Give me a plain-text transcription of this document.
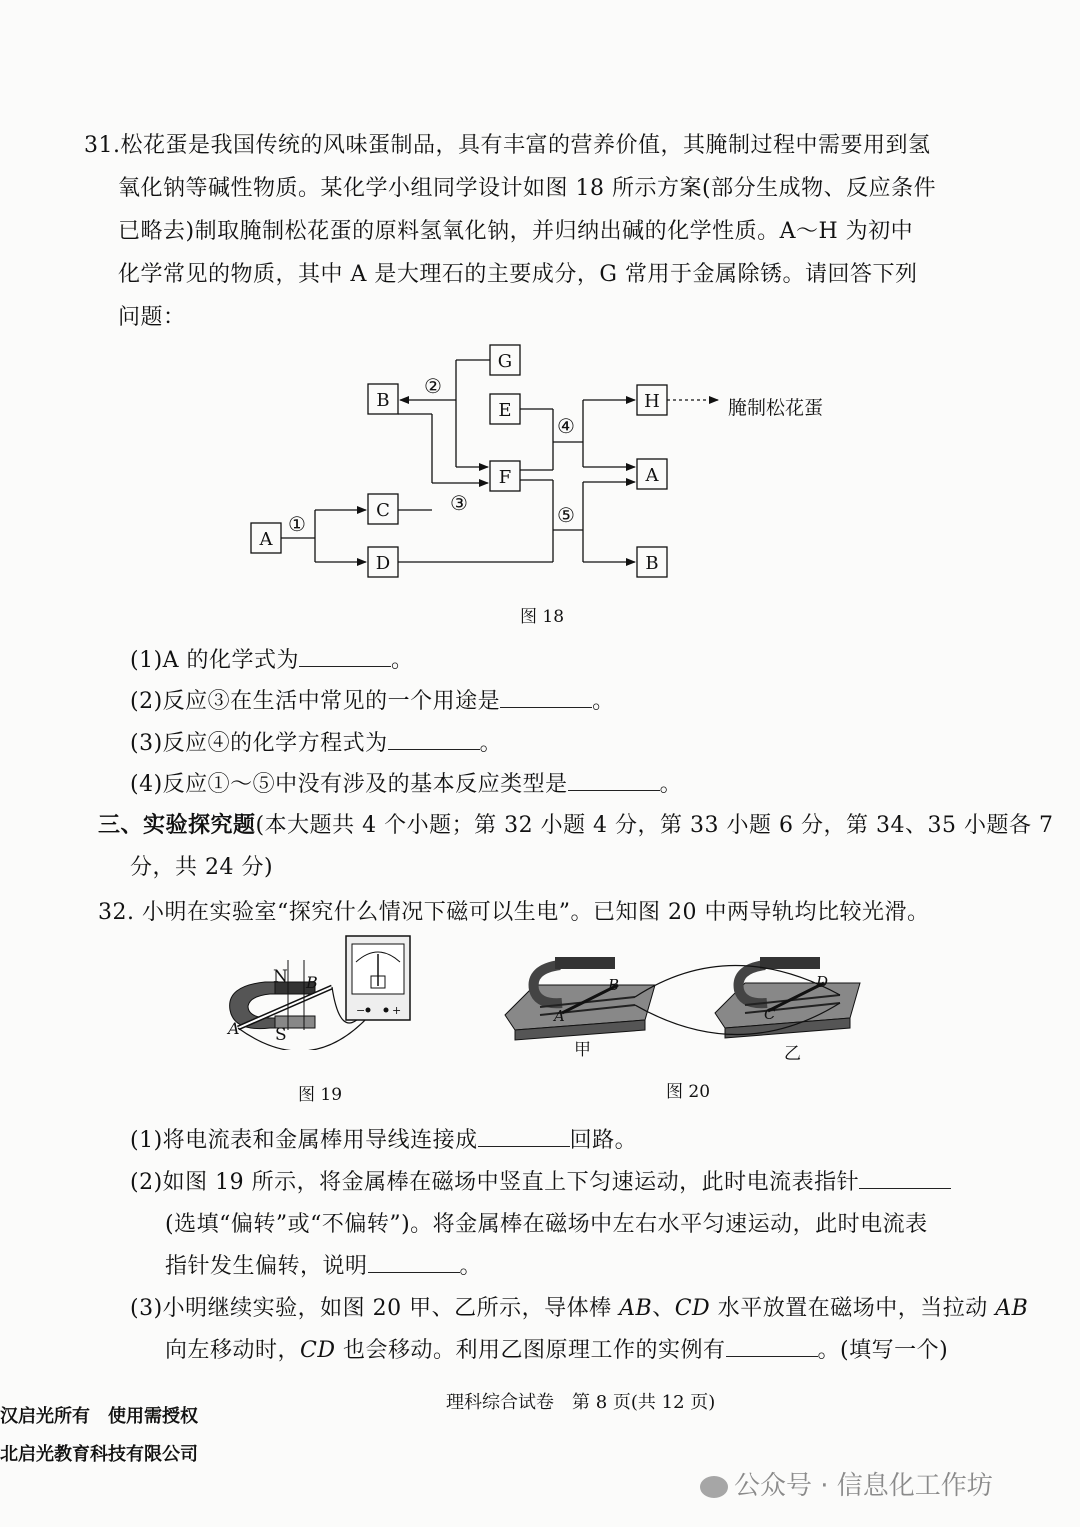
31.松花蛋是我国传统的风味蛋制品，具有丰富的营养价值，其腌制过程中需要用到氢
氧化钠等碱性物质。某化学小组同学设计如图 18 所示方案(部分生成物、反应条件
已略去)制取腌制松花蛋的原料氢氧化钠，并归纳出碱的化学性质。A～H 为初中
化学常见的物质，其中 A 是大理石的主要成分，G 常用于金属除锈。请回答下列
问题：
A
B
C
D
G
E
F
H
A
B
①
②
③
④
⑤
腌制松花蛋
图 18
(1)A 的化学式为	。
(2)反应③在生活中常见的一个用途是	。
(3)反应④的化学方程式为	。
(4)反应①～⑤中没有涉及的基本反应类型是	。
三、实验探究题(本大题共 4 个小题；第 32 小题 4 分，第 33 小题 6 分，第 34、35 小题各 7
分，共 24 分)
32. 小明在实验室“探究什么情况下磁可以生电”。已知图 20 中两导轨均比较光滑。
− +
N
S
A
B
图 19
A
B
C
D
甲	乙
图 20
(1)将电流表和金属棒用导线连接成	回路。
(2)如图 19 所示，将金属棒在磁场中竖直上下匀速运动，此时电流表指针
(选填“偏转”或“不偏转”)。将金属棒在磁场中左右水平匀速运动，此时电流表
指针发生偏转，说明	。
(3)小明继续实验，如图 20 甲、乙所示，导体棒 AB、CD 水平放置在磁场中，当拉动 AB
向左移动时，CD 也会移动。利用乙图原理工作的实例有	。(填写一个)
理科综合试卷　第 8 页(共 12 页)
汉启光所有　使用需授权
北启光教育科技有限公司
公众号 · 信息化工作坊
